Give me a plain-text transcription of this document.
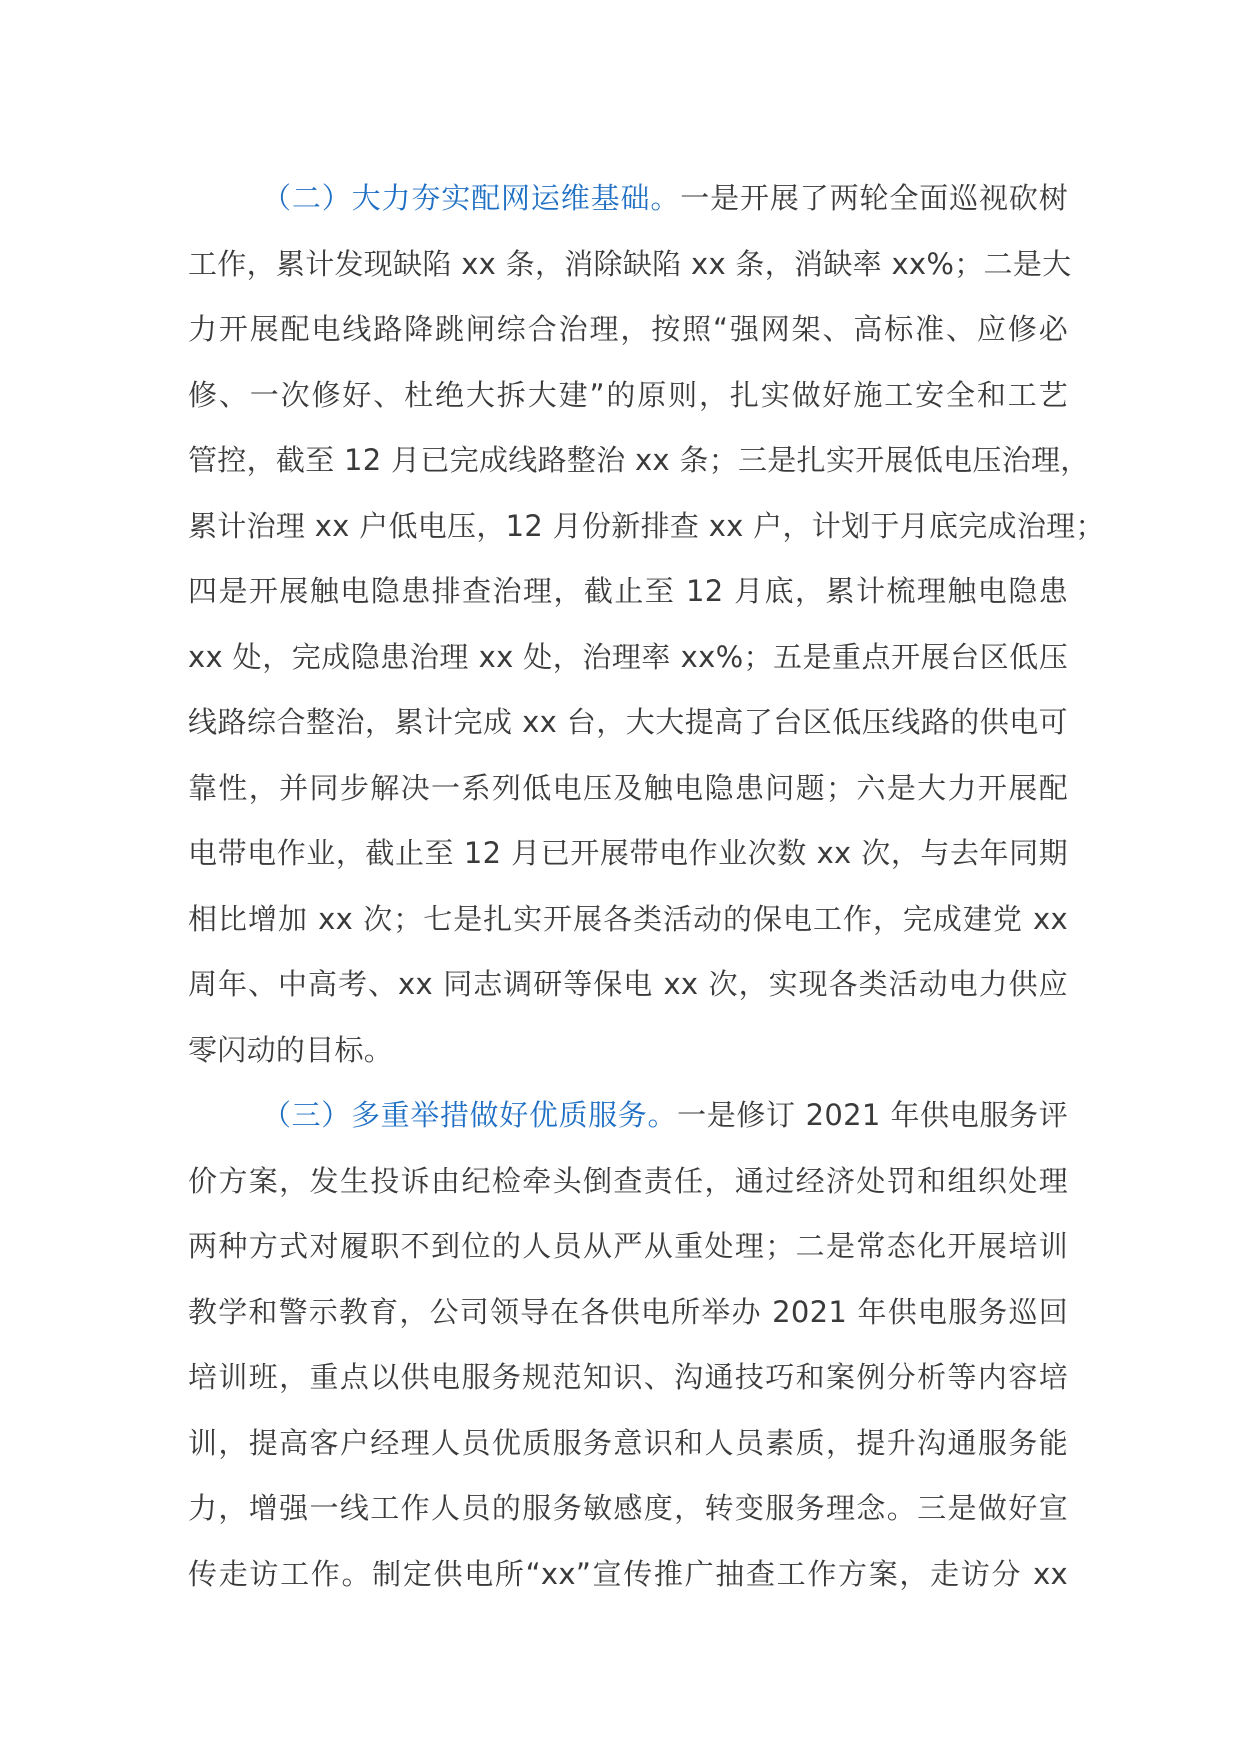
（二）大力夯实配网运维基础。一是开展了两轮全面巡视砍树
工作，累计发现缺陷 xx 条，消除缺陷 xx 条，消缺率 xx%；二是大
力开展配电线路降跳闸综合治理，按照“强网架、高标准、应修必
修、一次修好、杜绝大拆大建”的原则，扎实做好施工安全和工艺
管控，截至 12 月已完成线路整治 xx 条；三是扎实开展低电压治理，
累计治理 xx 户低电压，12 月份新排查 xx 户，计划于月底完成治理；
四是开展触电隐患排查治理，截止至 12 月底，累计梳理触电隐患
xx 处，完成隐患治理 xx 处，治理率 xx%；五是重点开展台区低压
线路综合整治，累计完成 xx 台，大大提高了台区低压线路的供电可
靠性，并同步解决一系列低电压及触电隐患问题；六是大力开展配
电带电作业，截止至 12 月已开展带电作业次数 xx 次，与去年同期
相比增加 xx 次；七是扎实开展各类活动的保电工作，完成建党 xx
周年、中高考、xx 同志调研等保电 xx 次，实现各类活动电力供应
零闪动的目标。
（三）多重举措做好优质服务。一是修订 2021 年供电服务评
价方案，发生投诉由纪检牵头倒查责任，通过经济处罚和组织处理
两种方式对履职不到位的人员从严从重处理；二是常态化开展培训
教学和警示教育，公司领导在各供电所举办 2021 年供电服务巡回
培训班，重点以供电服务规范知识、沟通技巧和案例分析等内容培
训，提高客户经理人员优质服务意识和人员素质，提升沟通服务能
力，增强一线工作人员的服务敏感度，转变服务理念。三是做好宣
传走访工作。制定供电所“xx”宣传推广抽查工作方案，走访分 xx
